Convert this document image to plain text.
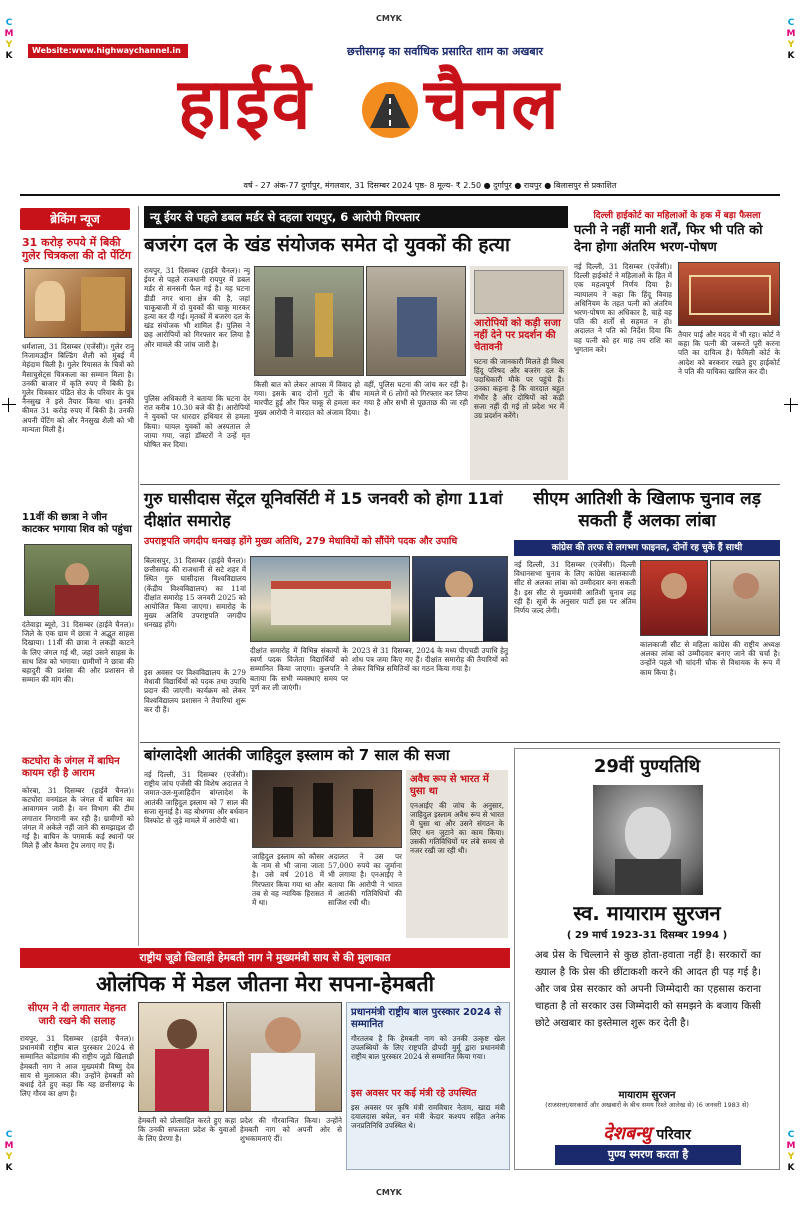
CMYK
CMYK
C
M
Y
K
C
M
Y
K
C
M
Y
K
C
M
Y
K
Website:www.highwaychannel.in	छत्तीसगढ़ का सर्वाधिक प्रसारित शाम का अखबार
हाईवे	चैनल
वर्ष - 27 अंक-77 दुर्गापुर, मंगलवार, 31 दिसम्बर 2024 पृष्ठ- 8 मूल्य- ₹ 2.50 ● दुर्गापुर ● रायपुर ● बिलासपुर से प्रकाशित
ब्रेकिंग न्यूज
31 करोड़ रुपये में बिकी गुलेर चित्रकला की दो पेंटिंग
धर्मशाला, 31 दिसम्बर (एजेंसी)। गुलेर रानु निजामउद्दीन बिल्डिंग शैली को मुंबई में मेहंदाम चिली है। गुलेर रियासत के चित्रों को मैसाचुसेट्स चित्रकला का सम्मान मिला है। उनकी बाजार में कृति रुपए में बिकी है। गुलेर चित्रकार पंडित सेउ के परिवार के पुत्र नैनसुख ने इसे तैयार किया था। इनकी कीमत 31 करोड़ रुपए में बिकी है। उनकी अपनी पेंटिंग को और नैनसुख शैली को भी मान्यता मिली है।
11वीं की छात्रा ने जीन काटकर भगाया शिव को पहुंचा
दंतेवाड़ा ब्यूरो, 31 दिसम्बर (हाईवे चैनल)। जिले के एक ग्राम में छात्रा ने अद्भुत साहस दिखाया। 11वीं की छात्रा ने लकड़ी काटने के लिए जंगल गई थी, जहां उसने साहस के साथ शिव को भगाया। ग्रामीणों ने छात्रा की बहादुरी की प्रशंसा की और प्रशासन से सम्मान की मांग की।
कटघोरा के जंगल में बाघिन कायम रही है आराम
कोरबा, 31 दिसम्बर (हाईवे चैनल)। कटघोरा वनमंडल के जंगल में बाघिन का आवागमन जारी है। वन विभाग की टीम लगातार निगरानी कर रही है। ग्रामीणों को जंगल में अकेले नहीं जाने की समझाइश दी गई है। बाघिन के पगमार्क कई स्थानों पर मिले हैं और कैमरा ट्रैप लगाए गए हैं।
न्यू ईयर से पहले डबल मर्डर से दहला रायपुर, 6 आरोपी गिरफ्तार
बजरंग दल के खंड संयोजक समेत दो युवकों की हत्या
रायपुर, 31 दिसम्बर (हाईवे चैनल)। न्यू ईयर से पहले राजधानी रायपुर में डबल मर्डर से सनसनी फैल गई है। यह घटना डीडी नगर थाना क्षेत्र की है, जहां चाकूबाजी में दो युवकों की चाकू मारकर हत्या कर दी गई। मृतकों में बजरंग दल के खंड संयोजक भी शामिल हैं। पुलिस ने छह आरोपियों को गिरफ्तार कर लिया है और मामले की जांच जारी है।
पुलिस अधिकारी ने बताया कि घटना देर रात करीब 10.30 बजे की है। आरोपियों ने युवकों पर धारदार हथियार से हमला किया। घायल युवकों को अस्पताल ले जाया गया, जहां डॉक्टरों ने उन्हें मृत घोषित कर दिया।
किसी बात को लेकर आपस में विवाद हो गया। इसके बाद दोनों गुटों के बीच मारपीट हुई और फिर चाकू से हमला कर मुख्य आरोपी ने वारदात को अंजाम दिया।
वहीं, पुलिस घटना की जांच कर रही है। मामले में 6 लोगों को गिरफ्तार कर लिया गया है और सभी से पूछताछ की जा रही है।
आरोपियों को कड़ी सजा नहीं देने पर प्रदर्शन की चेतावनी
घटना की जानकारी मिलते ही विश्व हिंदू परिषद और बजरंग दल के पदाधिकारी मौके पर पहुंचे हैं। उनका कहना है कि वारदात बहुत गंभीर है और दोषियों को कड़ी सजा नहीं दी गई तो प्रदेश भर में उग्र प्रदर्शन करेंगे।
दिल्ली हाईकोर्ट का महिलाओं के हक में बड़ा फैसला
पत्नी ने नहीं मानी शर्तें, फिर भी पति को देना होगा अंतरिम भरण-पोषण
नई दिल्ली, 31 दिसम्बर (एजेंसी)। दिल्ली हाईकोर्ट ने महिलाओं के हित में एक महत्वपूर्ण निर्णय दिया है। न्यायालय ने कहा कि हिंदू विवाह अधिनियम के तहत पत्नी को अंतरिम भरण-पोषण का अधिकार है, चाहे वह पति की शर्तों से सहमत न हो। अदालत ने पति को निर्देश दिया कि वह पत्नी को हर माह तय राशि का भुगतान करे।
तैयार पाई और मदद में भी रहा। कोर्ट ने कहा कि पत्नी की जरूरतें पूरी करना पति का दायित्व है। फैमिली कोर्ट के आदेश को बरकरार रखते हुए हाईकोर्ट ने पति की याचिका खारिज कर दी।
गुरु घासीदास सेंट्रल यूनिवर्सिटी में 15 जनवरी को होगा 11वां दीक्षांत समारोह
उपराष्ट्रपति जगदीप धनखड़ होंगे मुख्य अतिथि, 279 मेधावियों को सौंपेंगे पदक और उपाधि
बिलासपुर, 31 दिसम्बर (हाईवे चैनल)। छत्तीसगढ़ की राजधानी से सटे शहर में स्थित गुरु घासीदास विश्वविद्यालय (केंद्रीय विश्वविद्यालय) का 11वां दीक्षांत समारोह 15 जनवरी 2025 को आयोजित किया जाएगा। समारोह के मुख्य अतिथि उपराष्ट्रपति जगदीप धनखड़ होंगे।
इस अवसर पर विश्वविद्यालय के 279 मेधावी विद्यार्थियों को पदक तथा उपाधि प्रदान की जाएगी। कार्यक्रम को लेकर विश्वविद्यालय प्रशासन ने तैयारियां शुरू कर दी हैं।
दीक्षांत समारोह में विभिन्न संकायों के स्वर्ण पदक विजेता विद्यार्थियों को सम्मानित किया जाएगा। कुलपति ने बताया कि सभी व्यवस्थाएं समय पर पूर्ण कर ली जाएंगी।
2023 से 31 दिसम्बर, 2024 के मध्य पीएचडी उपाधि हेतु शोध पत्र जमा किए गए हैं। दीक्षांत समारोह की तैयारियों को लेकर विभिन्न समितियों का गठन किया गया है।
सीएम आतिशी के खिलाफ चुनाव लड़ सकती हैं अलका लांबा
कांग्रेस की तरफ से लगभग फाइनल, दोनों रह चुके हैं साथी
नई दिल्ली, 31 दिसम्बर (एजेंसी)। दिल्ली विधानसभा चुनाव के लिए कांग्रेस कालकाजी सीट से अलका लांबा को उम्मीदवार बना सकती है। इस सीट से मुख्यमंत्री आतिशी चुनाव लड़ रही हैं। सूत्रों के अनुसार पार्टी इस पर अंतिम निर्णय जल्द लेगी।
कालकाजी सीट से महिला कांग्रेस की राष्ट्रीय अध्यक्ष अलका लांबा को उम्मीदवार बनाए जाने की चर्चा है। उन्होंने पहले भी चांदनी चौक से विधायक के रूप में काम किया है।
बांग्लादेशी आतंकी जाहिदुल इस्लाम को 7 साल की सजा
नई दिल्ली, 31 दिसम्बर (एजेंसी)। राष्ट्रीय जांच एजेंसी की विशेष अदालत ने जमात-उल-मुजाहिदीन बांग्लादेश के आतंकी जाहिदुल इस्लाम को 7 साल की सजा सुनाई है। वह बोधगया और बर्धवान विस्फोट से जुड़े मामले में आरोपी था।
जाहिदुल इस्लाम को कौसर के नाम से भी जाना जाता है। उसे वर्ष 2018 में गिरफ्तार किया गया था और तब से वह न्यायिक हिरासत में था।
अदालत ने उस पर 57,000 रुपये का जुर्माना भी लगाया है। एनआईए ने बताया कि आरोपी ने भारत में आतंकी गतिविधियों की साजिश रची थी।
अवैध रूप से भारत में घुसा था
एनआईए की जांच के अनुसार, जाहिदुल इस्लाम अवैध रूप से भारत में घुसा था और उसने संगठन के लिए धन जुटाने का काम किया। उसकी गतिविधियों पर लंबे समय से नजर रखी जा रही थी।
29वीं पुण्यतिथि
स्व. मायाराम सुरजन
( 29 मार्च 1923-31 दिसम्बर 1994 )
अब प्रेस के चिल्लाने से कुछ होता-हवाता नहीं है। सरकारों का ख्याल है कि प्रेस की छींटाकशी करने की आदत ही पड़ गई है। और जब प्रेस सरकार को अपनी जिम्मेदारी का एहसास कराना चाहता है तो सरकार उस जिम्मेदारी को समझने के बजाय किसी छोटे अखबार का इस्तेमाल शुरू कर देती है।
मायाराम सुरजन
(राजसत्ता/सरकारों और अखबारों के बीच समय रिश्ते आलेख से) (6 जनवरी 1983 से)
देशबन्धु परिवार
पुण्य स्मरण करता है
राष्ट्रीय जूडो खिलाड़ी हेमबती नाग ने मुख्यमंत्री साय से की मुलाकात
ओलंपिक में मेडल जीतना मेरा सपना-हेमबती
सीएम ने दी लगातार मेहनत जारी रखने की सलाह
रायपुर, 31 दिसम्बर (हाईवे चैनल)। प्रधानमंत्री राष्ट्रीय बाल पुरस्कार 2024 से सम्मानित कोंडागांव की राष्ट्रीय जूडो खिलाड़ी हेमबती नाग ने आज मुख्यमंत्री विष्णु देव साय से मुलाकात की। उन्होंने हेमबती को बधाई देते हुए कहा कि यह छत्तीसगढ़ के लिए गौरव का क्षण है।
हेमबती को प्रोत्साहित करते हुए कहा कि उनकी सफलता प्रदेश के युवाओं के लिए प्रेरणा है।
प्रदेश की गौरवान्वित किया। उन्होंने हेमबती नाग को अपनी ओर से शुभकामनाएं दीं।
प्रधानमंत्री राष्ट्रीय बाल पुरस्कार 2024 से सम्मानित
गौरतलब है कि हेमबती नाग को उनकी उत्कृष्ट खेल उपलब्धियों के लिए राष्ट्रपति द्रौपदी मुर्मू द्वारा प्रधानमंत्री राष्ट्रीय बाल पुरस्कार 2024 से सम्मानित किया गया।
इस अवसर पर कई मंत्री रहे उपस्थित
इस अवसर पर कृषि मंत्री रामविचार नेताम, खाद्य मंत्री दयालदास बघेल, वन मंत्री केदार कश्यप सहित अनेक जनप्रतिनिधि उपस्थित थे।
